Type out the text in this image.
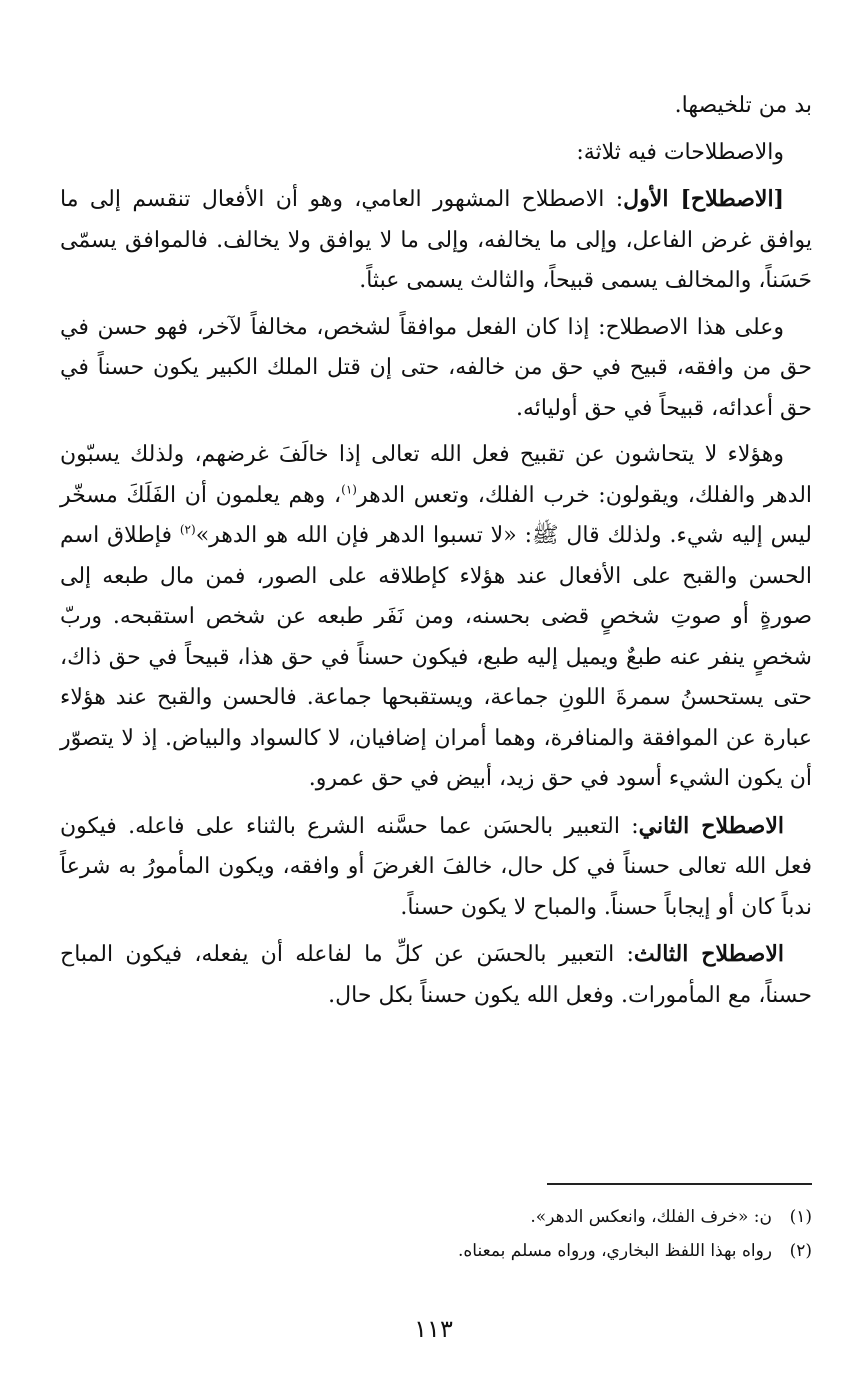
بد من تلخيصها.

والاصطلاحات فيه ثلاثة:

[الاصطلاح] الأول: الاصطلاح المشهور العامي، وهو أن الأفعال تنقسم إلى ما يوافق غرض الفاعل، وإلى ما يخالفه، وإلى ما لا يوافق ولا يخالف. فالموافق يسمّى حَسَناً، والمخالف يسمى قبيحاً، والثالث يسمى عبثاً.

وعلى هذا الاصطلاح: إذا كان الفعل موافقاً لشخص، مخالفاً لآخر، فهو حسن في حق من وافقه، قبيح في حق من خالفه، حتى إن قتل الملك الكبير يكون حسناً في حق أعدائه، قبيحاً في حق أوليائه.

وهؤلاء لا يتحاشون عن تقبيح فعل الله تعالى إذا خالَفَ غرضهم، ولذلك يسبّون الدهر والفلك، ويقولون: خرب الفلك، وتعس الدهر$^{(١)}$، وهم يعلمون أن الفَلَكَ مسخّر ليس إليه شيء. ولذلك قال ﷺ: «لا تسبوا الدهر فإن الله هو الدهر»$^{(٢)}$ فإطلاق اسم الحسن والقبح على الأفعال عند هؤلاء كإطلاقه على الصور، فمن مال طبعه إلى صورةٍ أو صوتِ شخصٍ قضى بحسنه، ومن نَفَر طبعه عن شخص استقبحه. وربّ شخصٍ ينفر عنه طبعٌ ويميل إليه طبع، فيكون حسناً في حق هذا، قبيحاً في حق ذاك، حتى يستحسنُ سمرةَ اللونِ جماعة، ويستقبحها جماعة. فالحسن والقبح عند هؤلاء عبارة عن الموافقة والمنافرة، وهما أمران إضافيان، لا كالسواد والبياض. إذ لا يتصوّر أن يكون الشيء أسود في حق زيد، أبيض في حق عمرو.

الاصطلاح الثاني: التعبير بالحسَن عما حسَّنه الشرع بالثناء على فاعله. فيكون فعل الله تعالى حسناً في كل حال، خالفَ الغرضَ أو وافقه، ويكون المأمورُ به شرعاً ندباً كان أو إيجاباً حسناً. والمباح لا يكون حسناً.

الاصطلاح الثالث: التعبير بالحسَن عن كلِّ ما لفاعله أن يفعله، فيكون المباح حسناً، مع المأمورات. وفعل الله يكون حسناً بكل حال.

(١)ن: «خرف الفلك، وانعكس الدهر».
(٢)رواه بهذا اللفظ البخاري، ورواه مسلم بمعناه.
١١٣
